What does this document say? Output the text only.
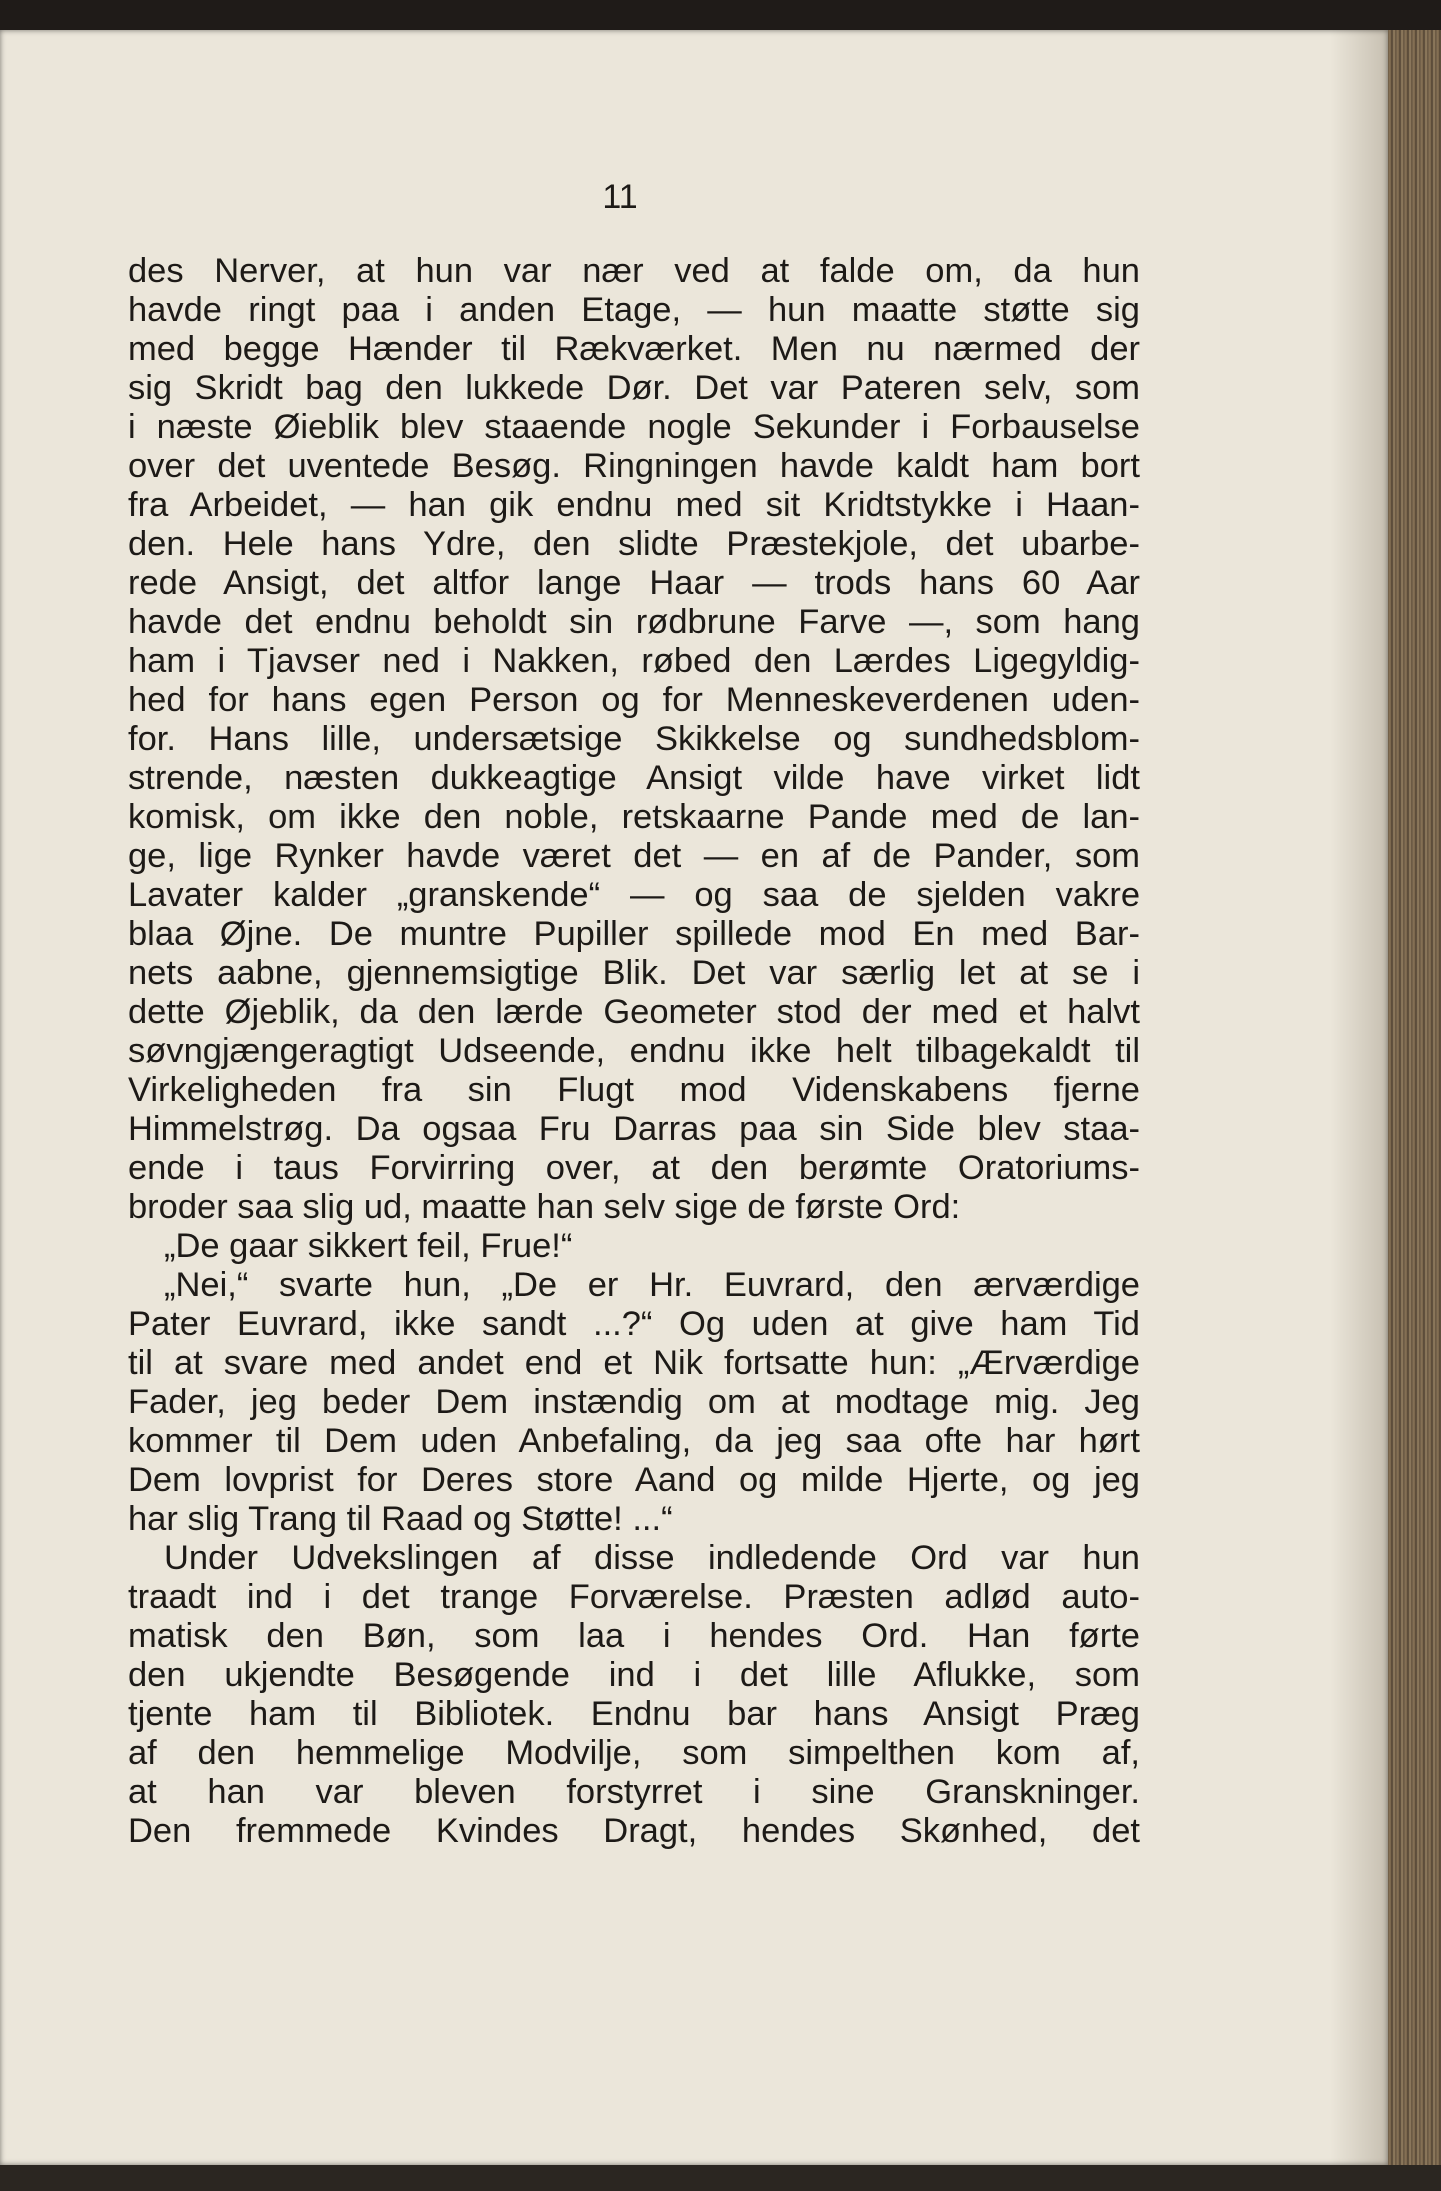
11
des Nerver, at hun var nær ved at falde om, da hun
havde ringt paa i anden Etage, — hun maatte støtte sig
med begge Hænder til Rækværket. Men nu nærmed der
sig Skridt bag den lukkede Dør. Det var Pateren selv, som
i næste Øieblik blev staaende nogle Sekunder i Forbauselse
over det uventede Besøg. Ringningen havde kaldt ham bort
fra Arbeidet, — han gik endnu med sit Kridtstykke i Haan-
den. Hele hans Ydre, den slidte Præstekjole, det ubarbe-
rede Ansigt, det altfor lange Haar — trods hans 60 Aar
havde det endnu beholdt sin rødbrune Farve —, som hang
ham i Tjavser ned i Nakken, røbed den Lærdes Ligegyldig-
hed for hans egen Person og for Menneskeverdenen uden-
for. Hans lille, undersætsige Skikkelse og sundhedsblom-
strende, næsten dukkeagtige Ansigt vilde have virket lidt
komisk, om ikke den noble, retskaarne Pande med de lan-
ge, lige Rynker havde været det — en af de Pander, som
Lavater kalder „granskende“ — og saa de sjelden vakre
blaa Øjne. De muntre Pupiller spillede mod En med Bar-
nets aabne, gjennemsigtige Blik. Det var særlig let at se i
dette Øjeblik, da den lærde Geometer stod der med et halvt
søvngjængeragtigt Udseende, endnu ikke helt tilbagekaldt til
Virkeligheden fra sin Flugt mod Videnskabens fjerne
Himmelstrøg. Da ogsaa Fru Darras paa sin Side blev staa-
ende i taus Forvirring over, at den berømte Oratoriums-
broder saa slig ud, maatte han selv sige de første Ord:
„De gaar sikkert feil, Frue!“
„Nei,“ svarte hun, „De er Hr. Euvrard, den ærværdige
Pater Euvrard, ikke sandt ...?“ Og uden at give ham Tid
til at svare med andet end et Nik fortsatte hun: „Ærværdige
Fader, jeg beder Dem instændig om at modtage mig. Jeg
kommer til Dem uden Anbefaling, da jeg saa ofte har hørt
Dem lovprist for Deres store Aand og milde Hjerte, og jeg
har slig Trang til Raad og Støtte! ...“
Under Udvekslingen af disse indledende Ord var hun
traadt ind i det trange Forværelse. Præsten adlød auto-
matisk den Bøn, som laa i hendes Ord. Han førte
den ukjendte Besøgende ind i det lille Aflukke, som
tjente ham til Bibliotek. Endnu bar hans Ansigt Præg
af den hemmelige Modvilje, som simpelthen kom af,
at han var bleven forstyrret i sine Granskninger.
Den fremmede Kvindes Dragt, hendes Skønhed, det
